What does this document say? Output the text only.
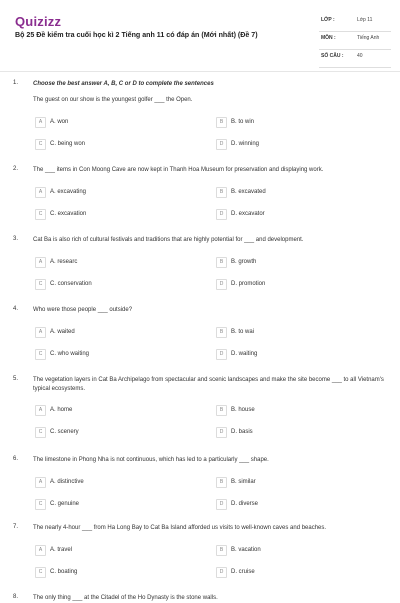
Quizizz
Bộ 25 Đề kiểm tra cuối học kì 2 Tiếng anh 11 có đáp án (Mới nhất) (Đề 7)
LỚP :	Lớp 11
MÔN :	Tiếng Anh
SỐ CÂU :	40
1. Choose the best answer A, B, C or D to complete the sentences
The guest on our show is the youngest golfer ___ the Open.
A	A. won	B	B. to win
C	C. being won	D	D. winning
2. The ___ items in Con Moong Cave are now kept in Thanh Hoa Museum for preservation and displaying work.
A	A. excavating	B	B. excavated
C	C. excavation	D	D. excavator
3. Cat Ba is also rich of cultural festivals and traditions that are highly potential for ___ and development.
A	A. researc	B	B. growth
C	C. conservation	D	D. promotion
4. Who were those people ___ outside?
A	A. waited	B	B. to wai
C	C. who waiting	D	D. waiting
5. The vegetation layers in Cat Ba Archipelago from spectacular and scenic landscapes and make the site become ___ to all Vietnam's typical ecosystems.
A	A. home	B	B. house
C	C. scenery	D	D. basis
6. The limestone in Phong Nha is not continuous, which has led to a particularly ___ shape.
A	A. distinctive	B	B. similar
C	C. genuine	D	D. diverse
7. The nearly 4-hour ___ from Ha Long Bay to Cat Ba Island afforded us visits to well-known caves and beaches.
A	A. travel	B	B. vacation
C	C. boating	D	D. cruise
8. The only thing ___ at the Citadel of the Ho Dynasty is the stone walls.
